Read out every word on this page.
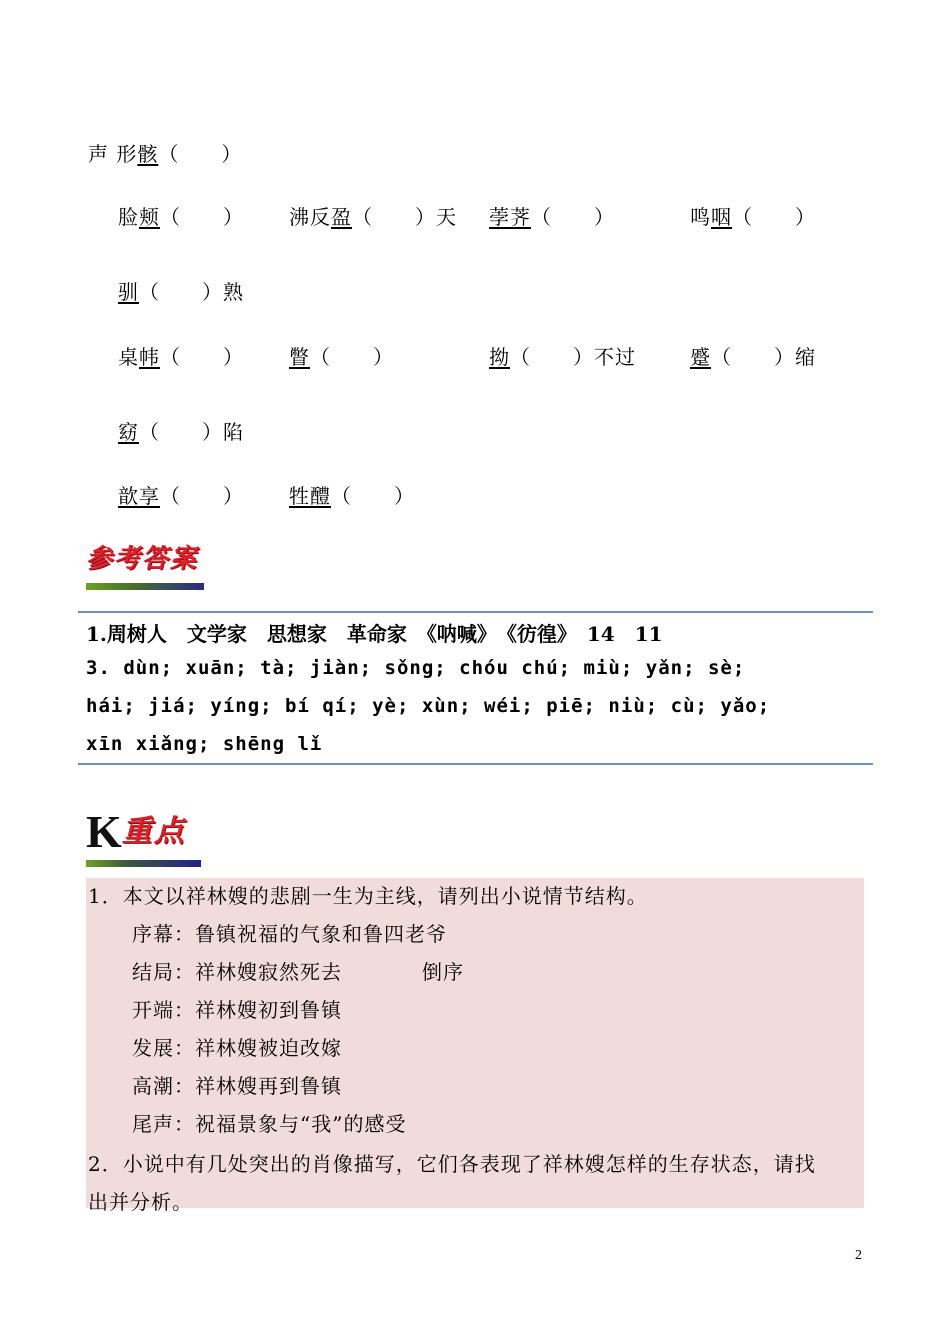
声 形骸（　　）
脸颊（　　） 沸反盈（　　）天 荸荠（　　）	鸣咽（　　）
驯（　　）熟
桌帏（　　） 瞥（　　）	拗（　　）不过	蹙（　　）缩
窈（　　）陷
歆享（　　） 牲醴（　　）
参考答案
1.周树人　文学家　思想家　革命家　《呐喊》　《彷徨》　14　11
3. dùn; xuān; tà; jiàn; sǒng; chóu chú; miù; yǎn; sè;
hái; jiá; yíng; bí qí; yè; xùn; wéi; piē; niù; cù; yǎo;
xīn xiǎng; shēng lǐ
K重点
1．本文以祥林嫂的悲剧一生为主线，请列出小说情节结构。
序幕：鲁镇祝福的气象和鲁四老爷
结局：祥林嫂寂然死去	倒序
开端：祥林嫂初到鲁镇
发展：祥林嫂被迫改嫁
高潮：祥林嫂再到鲁镇
尾声：祝福景象与“我”的感受
2．小说中有几处突出的肖像描写，它们各表现了祥林嫂怎样的生存状态，请找
出并分析。
2
